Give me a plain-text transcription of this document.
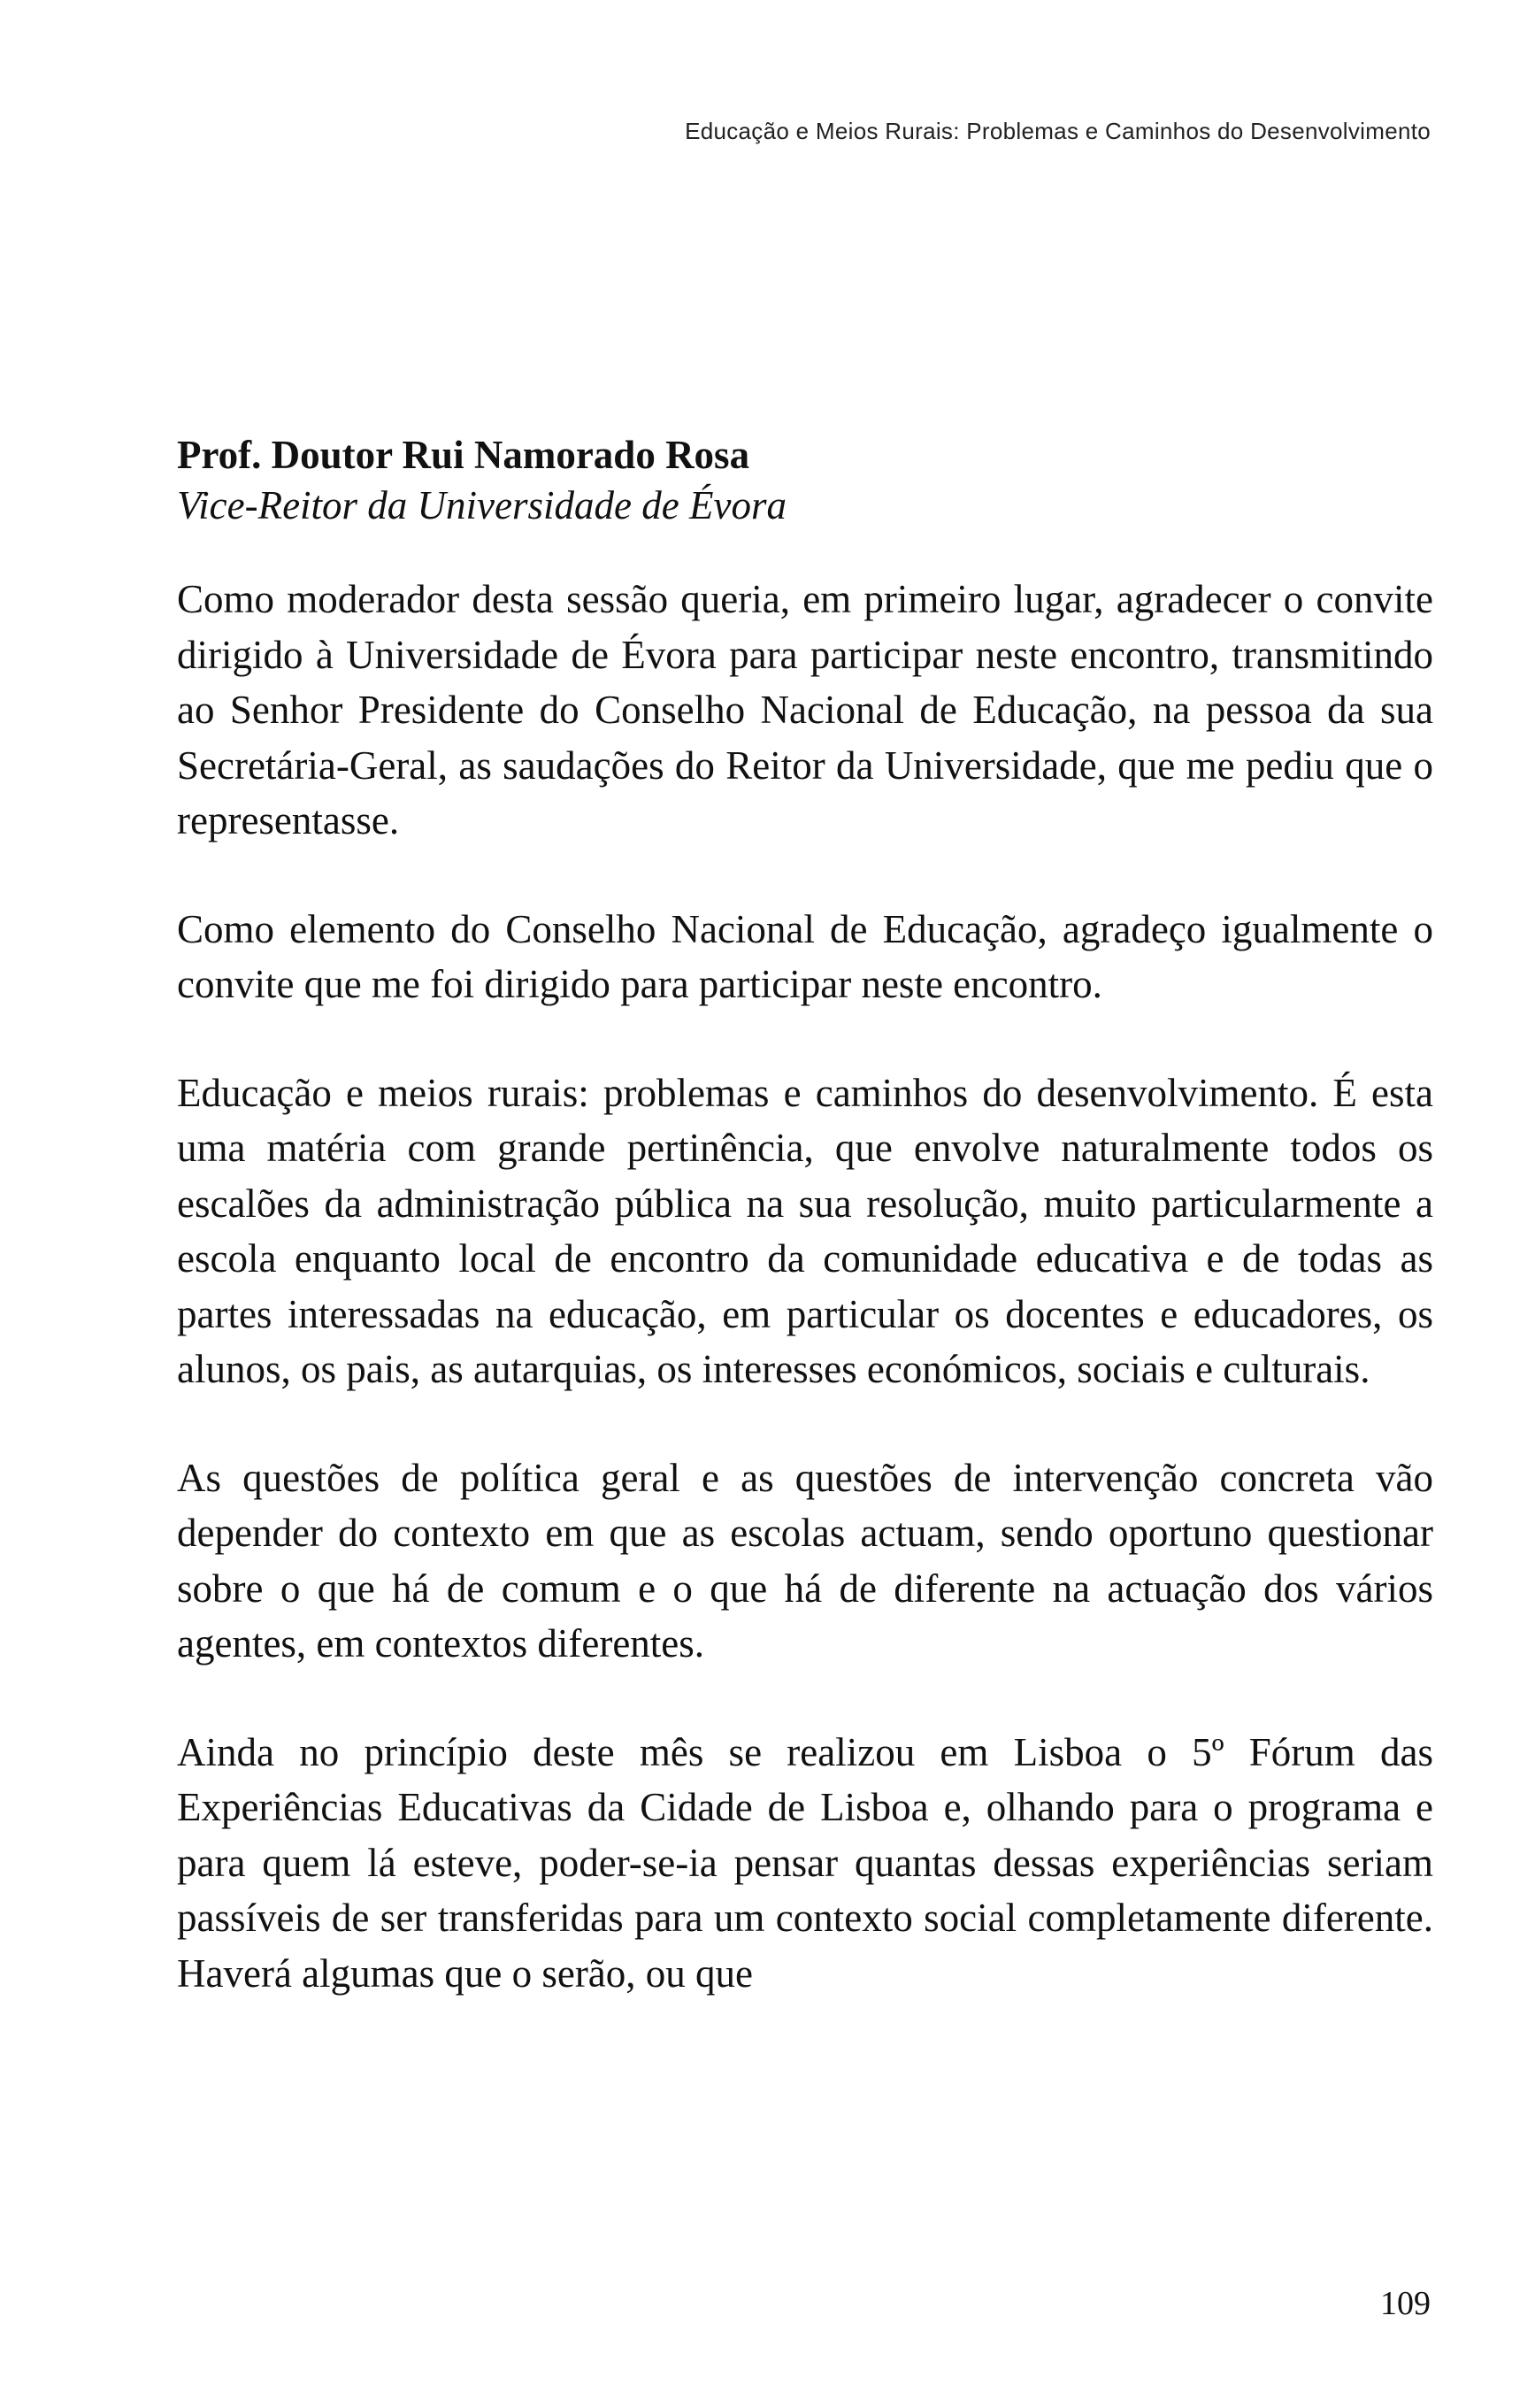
Educação e Meios Rurais: Problemas e Caminhos do Desenvolvimento

Prof. Doutor Rui Namorado Rosa

Vice-Reitor da Universidade de Évora

Como moderador desta sessão queria, em primeiro lugar, agradecer o convite dirigido à Universidade de Évora para participar neste encontro, transmitindo ao Senhor Presidente do Conselho Nacional de Educação, na pessoa da sua Secretária-Geral, as saudações do Reitor da Universidade, que me pediu que o representasse.

Como elemento do Conselho Nacional de Educação, agradeço igualmente o convite que me foi dirigido para participar neste encontro.

Educação e meios rurais: problemas e caminhos do desenvolvimento. É esta uma matéria com grande pertinência, que envolve naturalmente todos os escalões da administração pública na sua resolução, muito particularmente a escola enquanto local de encontro da comunidade educativa e de todas as partes interessadas na educação, em particular os docentes e educadores, os alunos, os pais, as autarquias, os interesses económicos, sociais e culturais.

As questões de política geral e as questões de intervenção concreta vão depender do contexto em que as escolas actuam, sendo oportuno questionar sobre o que há de comum e o que há de diferente na actuação dos vários agentes, em contextos diferentes.

Ainda no princípio deste mês se realizou em Lisboa o 5º Fórum das Experiências Educativas da Cidade de Lisboa e, olhando para o programa e para quem lá esteve, poder-se-ia pensar quantas dessas experiências seriam passíveis de ser transferidas para um contexto social completamente diferente. Haverá algumas que o serão, ou que

109
